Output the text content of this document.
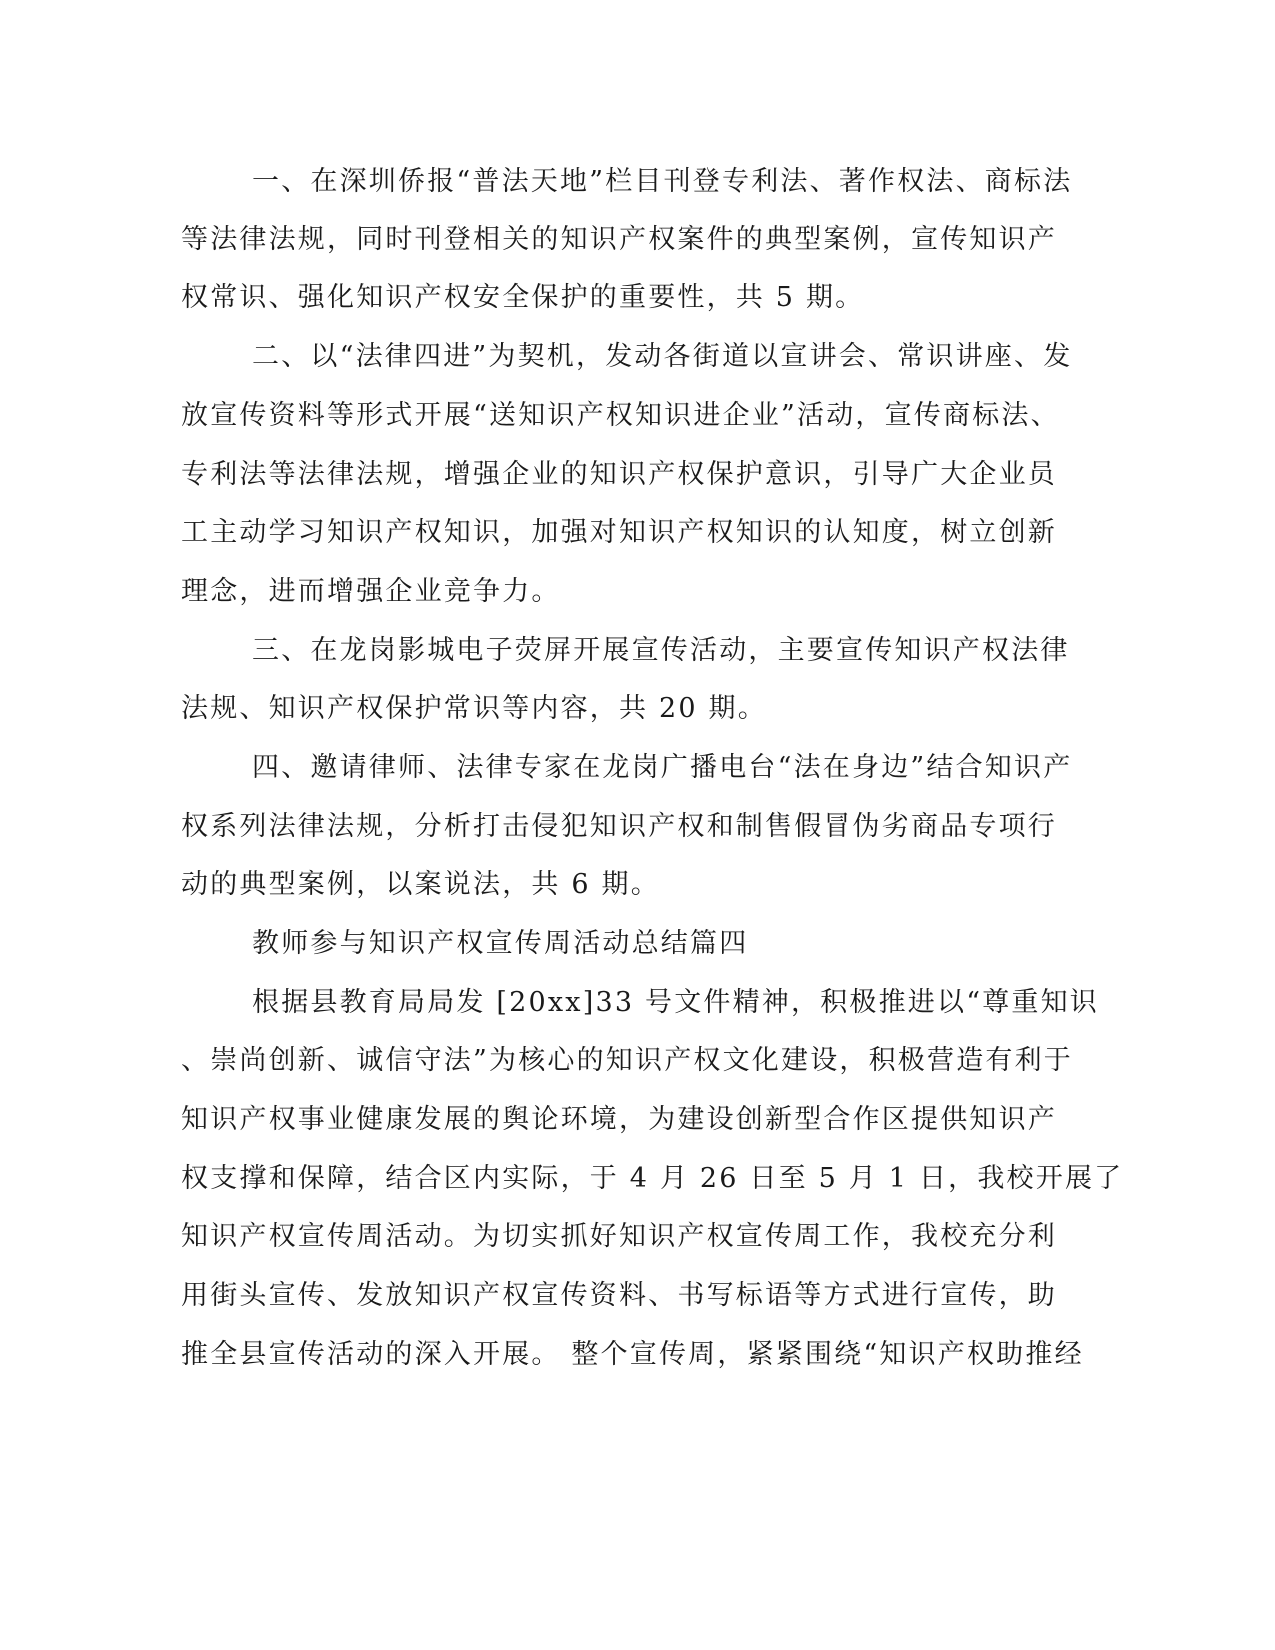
一、在深圳侨报“普法天地”栏目刊登专利法、著作权法、商标法
等法律法规，同时刊登相关的知识产权案件的典型案例，宣传知识产
权常识、强化知识产权安全保护的重要性，共 5 期。
二、以“法律四进”为契机，发动各街道以宣讲会、常识讲座、发
放宣传资料等形式开展“送知识产权知识进企业”活动，宣传商标法、
专利法等法律法规，增强企业的知识产权保护意识，引导广大企业员
工主动学习知识产权知识，加强对知识产权知识的认知度，树立创新
理念，进而增强企业竞争力。
三、在龙岗影城电子荧屏开展宣传活动，主要宣传知识产权法律
法规、知识产权保护常识等内容，共 20 期。
四、邀请律师、法律专家在龙岗广播电台“法在身边”结合知识产
权系列法律法规，分析打击侵犯知识产权和制售假冒伪劣商品专项行
动的典型案例，以案说法，共 6 期。
教师参与知识产权宣传周活动总结篇四
根据县教育局局发 [20xx]33 号文件精神，积极推进以“尊重知识
、崇尚创新、诚信守法”为核心的知识产权文化建设，积极营造有利于
知识产权事业健康发展的舆论环境，为建设创新型合作区提供知识产
权支撑和保障，结合区内实际，于 4 月 26 日至 5 月 1 日，我校开展了
知识产权宣传周活动。为切实抓好知识产权宣传周工作，我校充分利
用街头宣传、发放知识产权宣传资料、书写标语等方式进行宣传，助
推全县宣传活动的深入开展。 整个宣传周，紧紧围绕“知识产权助推经
